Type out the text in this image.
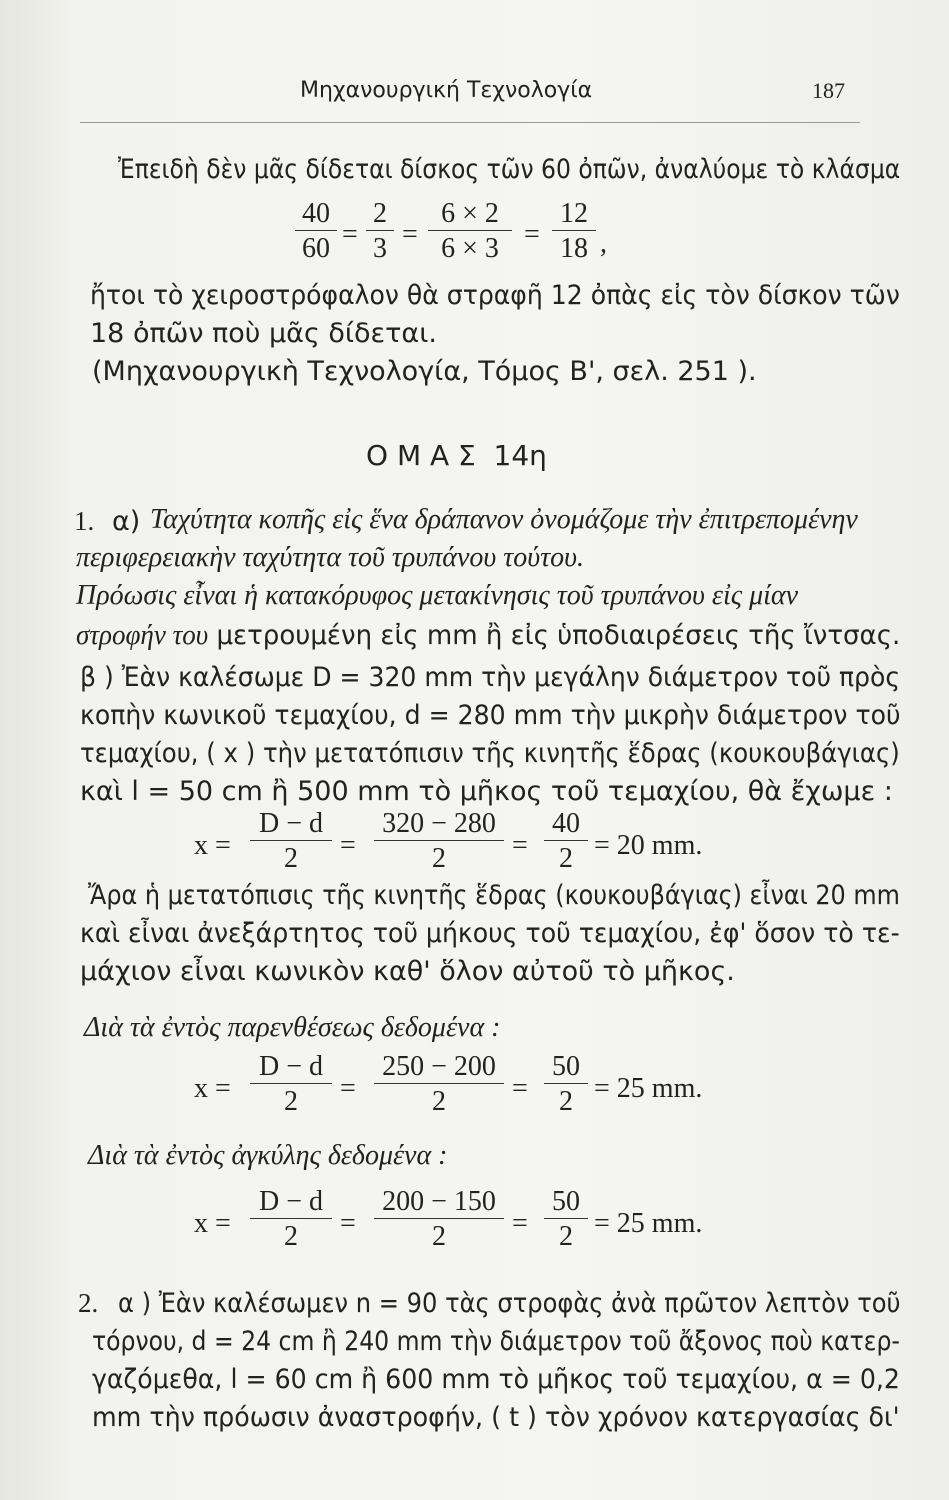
Μηχανουργική Τεχνολογία	187
Ἐπειδὴ δὲν μᾶς δίδεται δίσκος τῶν 60 ὀπῶν, ἀναλύομε τὸ κλάσμα
40
60 =
2
3 =
6 × 2
6 × 3 =
12
18 ,
ἤτοι τὸ χειροστρόφαλον θὰ στραφῆ 12 ὀπὰς εἰς τὸν δίσκον τῶν
18 ὀπῶν ποὺ μᾶς δίδεται.
(Μηχανουργικὴ Τεχνολογία, Τόμος Β', σελ. 251 ).
Ο Μ Α Σ  14η
1. α) Ταχύτητα κοπῆς εἰς ἕνα δράπανον ὀνομάζομε τὴν ἐπιτρεπομένην
περιφερειακὴν ταχύτητα τοῦ τρυπάνου τούτου.
Πρόωσις εἶναι ἡ κατακόρυφος μετακίνησις τοῦ τρυπάνου εἰς μίαν
στροφήν του μετρουμένη εἰς mm ἢ εἰς ὑποδιαιρέσεις τῆς ἴντσας.
β ) Ἐὰν καλέσωμε D = 320 mm τὴν μεγάλην διάμετρον τοῦ πρὸς
κοπὴν κωνικοῦ τεμαχίου, d = 280 mm τὴν μικρὴν διάμετρον τοῦ
τεμαχίου, ( x ) τὴν μετατόπισιν τῆς κινητῆς ἕδρας (κουκουβάγιας)
καὶ l = 50 cm ἢ 500 mm τὸ μῆκος τοῦ τεμαχίου, θὰ ἔχωμε :
x =
D − d
2	=
320 − 280
2	=
40
2 = 20 mm.
Ἄρα ἡ μετατόπισις τῆς κινητῆς ἕδρας (κουκουβάγιας) εἶναι 20 mm
καὶ εἶναι ἀνεξάρτητος τοῦ μήκους τοῦ τεμαχίου, ἐφ' ὅσον τὸ τε-
μάχιον εἶναι κωνικὸν καθ' ὅλον αὐτοῦ τὸ μῆκος.
Διὰ τὰ ἐντὸς παρενθέσεως δεδομένα :
x =
D − d
2	=
250 − 200
2	=
50
2 = 25 mm.
Διὰ τὰ ἐντὸς ἀγκύλης δεδομένα :
x =
D − d
2	=
200 − 150
2	=
50
2 = 25 mm.
2. α ) Ἐὰν καλέσωμεν n = 90 τὰς στροφὰς ἀνὰ πρῶτον λεπτὸν τοῦ
τόρνου, d = 24 cm ἢ 240 mm τὴν διάμετρον τοῦ ἄξονος ποὺ κατερ-
γαζόμεθα, l = 60 cm ἢ 600 mm τὸ μῆκος τοῦ τεμαχίου, α = 0,2
mm τὴν πρόωσιν ἀναστροφήν, ( t ) τὸν χρόνον κατεργασίας δι'
